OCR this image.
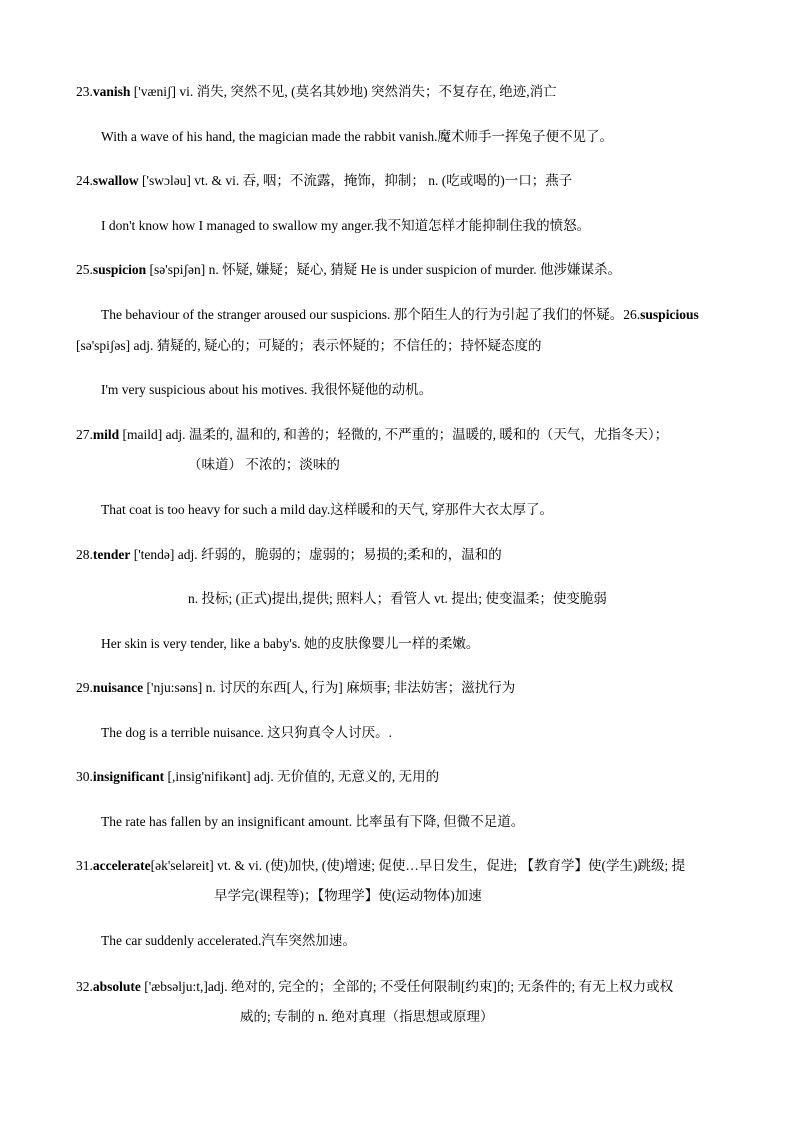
23.vanish ['væniʃ] vi. 消失, 突然不见, (莫名其妙地) 突然消失；不复存在, 绝迹,消亡
With a wave of his hand, the magician made the rabbit vanish.魔术师手一挥兔子便不见了。
24.swallow ['swɔləu] vt. & vi. 吞, 咽；不流露，掩饰，抑制； n. (吃或喝的)一口；燕子
I don't know how I managed to swallow my anger.我不知道怎样才能抑制住我的愤怒。
25.suspicion [sə'spiʃən] n. 怀疑, 嫌疑；疑心, 猜疑 He is under suspicion of murder. 他涉嫌谋杀。
The behaviour of the stranger aroused our suspicions. 那个陌生人的行为引起了我们的怀疑。26.suspicious
[sə'spiʃəs] adj. 猜疑的, 疑心的；可疑的；表示怀疑的；不信任的；持怀疑态度的
I'm very suspicious about his motives. 我很怀疑他的动机。
27.mild [maild] adj. 温柔的, 温和的, 和善的；轻微的, 不严重的；温暖的, 暖和的（天气，尤指冬天）；
（味道） 不浓的；淡味的
That coat is too heavy for such a mild day.这样暖和的天气, 穿那件大衣太厚了。
28.tender ['tendə] adj. 纤弱的，脆弱的；虚弱的；易损的;柔和的，温和的
n. 投标; (正式)提出,提供; 照料人；看管人 vt. 提出; 使变温柔；使变脆弱
Her skin is very tender, like a baby's. 她的皮肤像婴儿一样的柔嫩。
29.nuisance ['nju:səns] n. 讨厌的东西[人, 行为] 麻烦事; 非法妨害；滋扰行为
The dog is a terrible nuisance. 这只狗真令人讨厌。.
30.insignificant [,insig'nifikənt] adj. 无价值的, 无意义的, 无用的
The rate has fallen by an insignificant amount. 比率虽有下降, 但微不足道。
31.accelerate[ək'seləreit] vt. & vi. (使)加快, (使)增速; 促使…早日发生，促进; 【教育学】使(学生)跳级; 提
早学完(课程等)；【物理学】使(运动物体)加速
The car suddenly accelerated.汽车突然加速。
32.absolute ['æbsəlju:t,]adj. 绝对的, 完全的；全部的; 不受任何限制[约束]的; 无条件的; 有无上权力或权
威的; 专制的 n. 绝对真理（指思想或原理）
